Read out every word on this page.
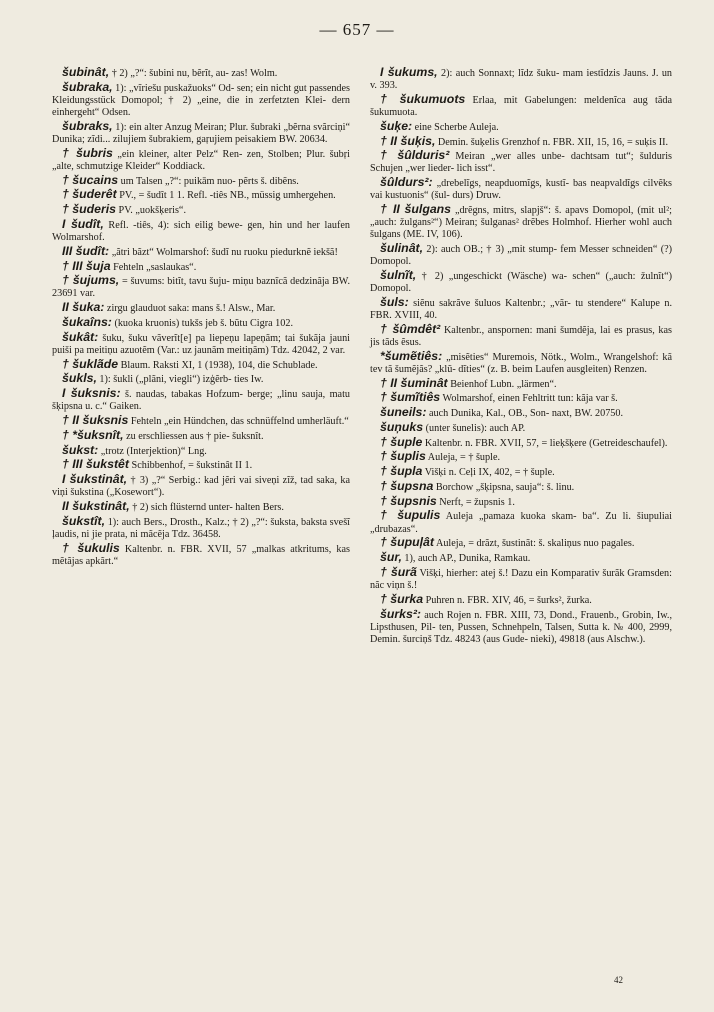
— 657 —

šubinât, † 2) „?“: šubini nu, bẽrĩt, au- zas! Wolm.

šubraka, 1): „vĩriešu puskažuoks“ Od- sen; ein nicht gut passendes Kleidungsstück Domopol; † 2) „eine, die in zerfetzten Klei- dern einhergeht“ Odsen.

šubraks, 1): ein alter Anzug Meiran; Plur. šubraki „bẽrna svãrciņi“ Dunika; zĩdi... zilujiem šubrakiem, gaŗujiem peisakiem BW. 20634.

† šubris „ein kleiner, alter Pelz“ Ren- zen, Stolben; Plur. šubŗi „alte, schmutzige Kleider“ Koddiack.

† šucains um Talsen „?“: puikām nuo- pẽrts š. dibẽns.

† šuderêt PV., = šudît 1 1. Refl. -tiês NB., müssig umhergehen.

† šuderis PV. „uokšķeris“.

I šudît, Refl. -tiês, 4): sich eilig bewe- gen, hin und her laufen Wolmarshof.

III šudît: „ãtri bãzt“ Wolmarshof: šudĩ nu ruoku piedurknẽ iekšã!

† III šuja Fehteln „saslaukas“.

† šujums, = šuvums: bitĩt, tavu šuju- miņu baznĩcã dedzinãja BW. 23691 var.

II šuka: zirgu glauduot saka: mans š.! Alsw., Mar.

šukaîns: (kuoka kruonis) tukšs jeb š. bũtu Cigra 102.

šukât: šuku, šuku vãverĩt[e] pa liepeņu lapeņãm; tai šukãja jauni puiši pa meitiņu azuotẽm (Var.: uz jaunãm meitiņãm) Tdz. 42042, 2 var.

† šuklãde Blaum. Raksti XI, 1 (1938), 104, die Schublade.

šukls, 1): šukli („plãni, viegli“) izģẽrb- ties Iw.

I šuksnis: š. naudas, tabakas Hofzum- berge; „linu sauja, matu šķipsna u. c.“ Gaiken.

† II šuksnis Fehteln „ein Hündchen, das schnüffelnd umherläuft.“

† *šuksnît, zu erschliessen aus † pie- šuksnît.

šukst: „trotz (Interjektion)“ Lng.

† III šukstêt Schibbenhof, = šukstinât II 1.

I šukstinât, † 3) „?“ Serbig.: kad jẽri vai siveņi zĩž, tad saka, ka viņi šukstina („Kosewort“).

II šukstinât, † 2) sich flüsternd unter- halten Bers.

šukstît, 1): auch Bers., Drosth., Kalz.; † 2) „?“: šuksta, baksta svešĩ ļaudis, ni jie prata, ni mãcẽja Tdz. 36458.

† šukulis Kaltenbr. n. FBR. XVII, 57 „malkas atkritums, kas mẽtãjas apkãrt.“

I šukums, 2): auch Sonnaxt; lĩdz šuku- mam iestĩdzis Jauns. J. un v. 393.

† šukumuots Erlaa, mit Gabelungen: meldenĩca aug tãda šukumuota.

šuķe: eine Scherbe Auleja.

† II šuķis, Demin. šuķelis Grenzhof n. FBR. XII, 15, 16, = suķis II.

† šûlduris² Meiran „wer alles unbe- dachtsam tut“; šulduris Schujen „wer lieder- lich isst“.

šûldurs²: „drebelĩgs, neapduomĩgs, kustĩ- bas neapvaldĩgs cilvẽks vai kustuonis“ (šul- durs) Druw.

† II šulgans „drẽgns, mitrs, slapjš“: š. apavs Domopol, (mit ul²; „auch: žulgans²“) Meiran; šulganas² drẽbes Holmhof. Hierher wohl auch šulgans (ME. IV, 106).

šulinât, 2): auch OB.; † 3) „mit stump- fem Messer schneiden“ (?) Domopol.

šulnĩt, † 2) „ungeschickt (Wäsche) wa- schen“ („auch: žulnĩt“) Domopol.

šuls: siẽnu sakrãve šuluos Kaltenbr.; „vãr- tu stendere“ Kalupe n. FBR. XVIII, 40.

† šûmdêt² Kaltenbr., anspornen: mani šumdẽja, lai es prasus, kas jis tãds ẽsus.

*šumẽtiês: „misẽties“ Muremois, Nötk., Wolm., Wrangelshof: kã tev tã šumẽjãs? „klũ- dĩties“ (z. B. beim Laufen ausgleiten) Renzen.

† II šuminât Beienhof Lubn. „lärmen“.

† šumĩtiês Wolmarshof, einen Fehltritt tun: kãja var š.

šuneils: auch Dunika, Kal., OB., Son- naxt, BW. 20750.

šuņuks (unter šunelis): auch AP.

† šuple Kaltenbr. n. FBR. XVII, 57, = lieķšķere (Getreideschaufel).

† šuplis Auleja, = † šuple.

† šupla Višķi n. Ceļi IX, 402, = † šuple.

† šupsna Borchow „šķipsna, sauja“: š. linu.

† šupsnis Nerft, = župsnis 1.

† šupulis Auleja „pamaza kuoka skam- ba“. Zu li. šiupuliai „drubazas“.

† šupuļât Auleja, = drãzt, šustinãt: š. skaliņus nuo pagales.

šur, 1), auch AP., Dunika, Ramkau.

† šurã Višķi, hierher: atej š.! Dazu ein Komparativ šurãk Gramsden: nãc viņn š.!

† šurka Puhren n. FBR. XIV, 46, = šurks², žurka.

šurks²: auch Rojen n. FBR. XIII, 73, Dond., Frauenb., Grobin, Iw., Lipsthusen, Pil- ten, Pussen, Schnehpeln, Talsen, Sutta k. № 400, 2999, Demin. šurciņš Tdz. 48243 (aus Gude- nieki), 49818 (aus Alschw.).

42
